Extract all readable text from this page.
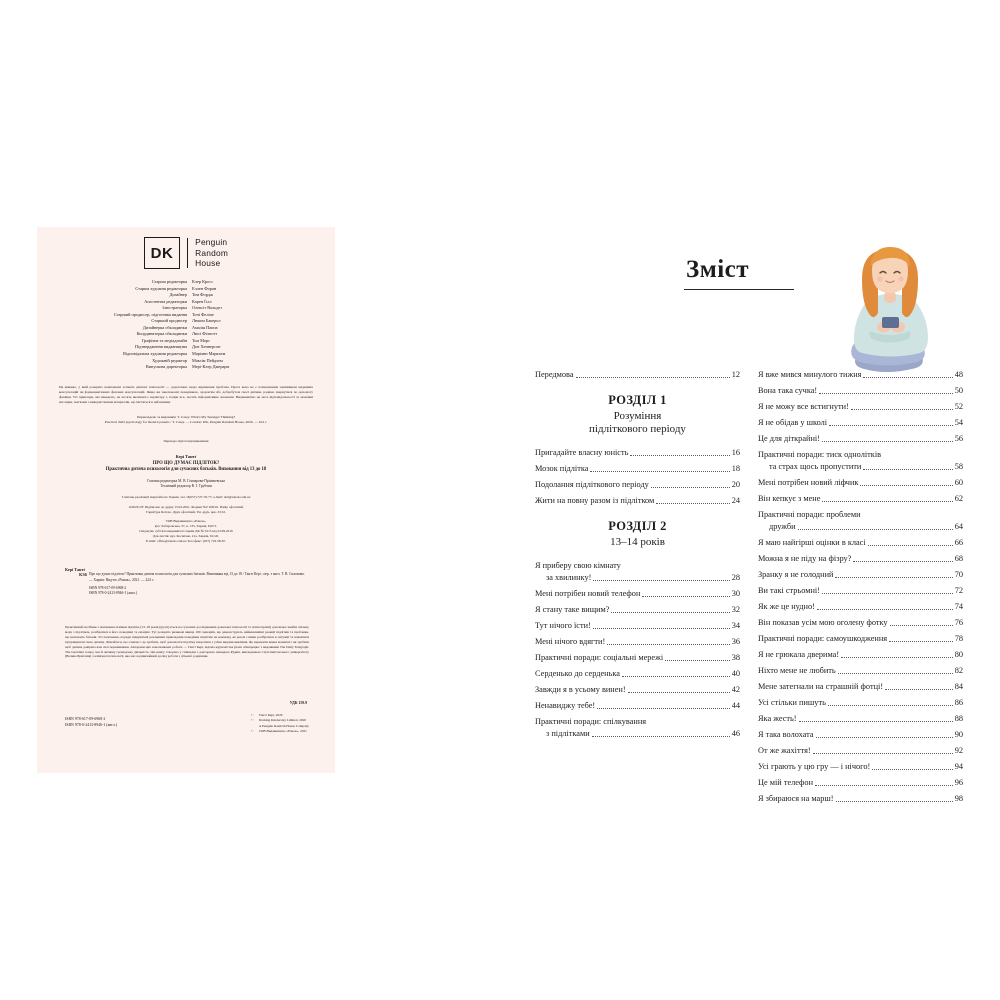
DK
Penguin
Random
House
Старша редакторка	Клер Кросс
Старша художня редакторка	Еллен Форан
Дизайнер	Том Фордж
Асистентка редакторки	Карен Ґілл
Ілюстраторка	Олексіт Вальдез
Старший продюсер, підготовка видання	Тоні Феліпе
Старший продюсер	Люком Бакерол
Дизайнерка обкладинки	Амалія Паппа
Координаторка обкладинки	Люсі Філпотт
Графічна та медіадизайн	Том Морс
Підтвердження видавництва	Дон Хеннерсон
Відповідальна художня редакторка	Маріанн Маркхем
Художній редактор	Максім Пейдхем
Випускова директорка	Мері-Клер Джерарм
Ця книжка, у якій розкрито комплексні аспекти дитячої психології — дороговказ щодо вирішення проблем. Проте вона не є повноцінним замінником медичних консультацій чи фармацевтичних фахових консультацій. Якщо ви занепокоєні поведінкою, здоров'ям або добробутом своєї дитини, радимо звернутися по допомогу фахівця. Усі приклади, які наведено, не носять вказівного характеру і, попри все, носять інформативне значення. Видавництво не несе відповідальності за можливі наслідки, пов'язані з використанням матеріалів, що містяться в цій книжці.
Перекладено за виданням: T. Casey. What's My Teenager Thinking?
Practical child psychology for modern parents / T. Casey. — London: DK, Penguin Random House, 2020. — 224 c.
Першодо підготовці виконання
Кері Тантґ
ПРО ЩО ДУМАЄ ПІДЛІТОК?
Практична дитяча психологія для сучасних батьків. Виховання від 13 до 18
Головна редакторка М. В. Гончарова-Прімачевська
Технічний редактор В. І. Трубчин
З питань реалізації звертайтеся: Харків, тел.: 8(057) 727-70-77, e-mail: deti@ranok.com.ua

110026 ЛУ Підписано до друку 15.02.2021. Формат 84×108/16. Папір офсетний.
Гарнітура Roboto. Друк офсетний. Ум. друк. арк. 23,52.
ТОВ Видавництво «Ранок»,
вул. Хабаровська, 37, к. 135, Харків, 61071.
Свідоцтво суб'єкта видавничої справи ДК № 5215 від 22.09.2016
Для листів: вул. Космічна, 21а, Харків, 61145.
E-mail: office@ranok.com.ua Тел./факс: (057) 719-58-67.
Кері Тантґ
К36 Про що думає підліток? Практична дитяча психологія для сучасних батьків. Виховання від 13 до 18 / Тантґ Кері ; пер. з англ. Т. В. Силовова. — Харків: Вид-во «Ранок», 2021. — 224 с.
ISBN 978-617-09-6968-2
ISBN 978-0-2413-8946-1 (англ.)
Практичний посібник з пояснення психіки підлітка (13–18 років (ґрунтується на сучасних дослідженнях доказової психології та психотерапії) допоможе знайти спільну мову з підлітком, розібратися в його поведінці та емоціях. Тут розкрито ризикові явища 100 сценаріїв, що демонструють найважливіші реакції підлітків та проблеми, що непокоять батьків. Усі пояснення, поради підкріплені реальними прикладами поведінки підлітків на кожному, як разом з ними розібратися в ситуації та навчитися підтримувати свою дитину. Дізнайтеся, що означає і де зробити, щоб допомогти підлітку впоратися з усіма видами викликів. Як пережити важкі моменти і як зробити щоб дитина довіряла вам свої переживання. Авторами цих новопоявлені роботи — Тантґ Кері, відома журналістка (вона співпрацює з виданнями The Daily Telegraph, The Guardian тощо), має й активну громадську діяльність. Цю книгу створено у співпраці з докторкою Амандою Рудкін, викладачкою Саутгемптонського університету (Велика Британія) з клінічної психології, яка має надзвичайний досвід роботи з дітьми і родинами.
УДК 159.9
ISBN 978-617-09-6968-2
ISBN 978-0-2413-8946-1 (англ.)
©	Тантґ Кері, 2020
©	Dorking Kindersley Limited, 2020

A Penguin Random House Company
©	ТОВ Видавництво «Ранок», 2021
Зміст
Передмова	12
РОЗДІЛ 1
Розуміння
підліткового періоду
Пригадайте власну юність	16
Мозок підлітка	18
Подолання підліткового періоду	20
Жити на повну разом із підлітком	24
РОЗДІЛ 2
13–14 років
Я приберу свою кімнату
за хвилинку!	28
Мені потрібен новий телефон	30
Я стану таке вищим?	32
Тут нічого їсти!	34
Мені нічого вдягти!	36
Практичні поради: соціальні мережі	38
Серденько до серденька	40
Завжди я в усьому винен!	42
Ненавиджу тебе!	44
Практичні поради: спілкування
з підлітками	46
Я вже мився минулого тижня	48
Вона така сучка!	50
Я не можу все встигнути!	52
Я не обідав у школі	54
Це для діткрайні!	56
Практичні поради: тиск однолітків
та страх щось пропустити	58
Мені потрібен новий ліфчик	60
Він кепкує з мене	62
Практичні поради: проблеми
дружби	64
Я маю найгірші оцінки в класі	66
Можна я не піду на фізру?	68
Зранку я не голодний	70
Ви такі стрьомні!	72
Як же це нудно!	74
Він показав усім мою оголену фотку	76
Практичні поради: самоушкодження	78
Я не грюкала дверима!	80
Ніхто мене не любить	82
Мене затегнали на страшній фотці!	84
Усі стільки пишуть	86
Яка жесть!	88
Я така волохата	90
От же жахіття!	92
Усі грають у цю гру — і нічого!	94
Це мій телефон	96
Я збираюся на марш!	98
